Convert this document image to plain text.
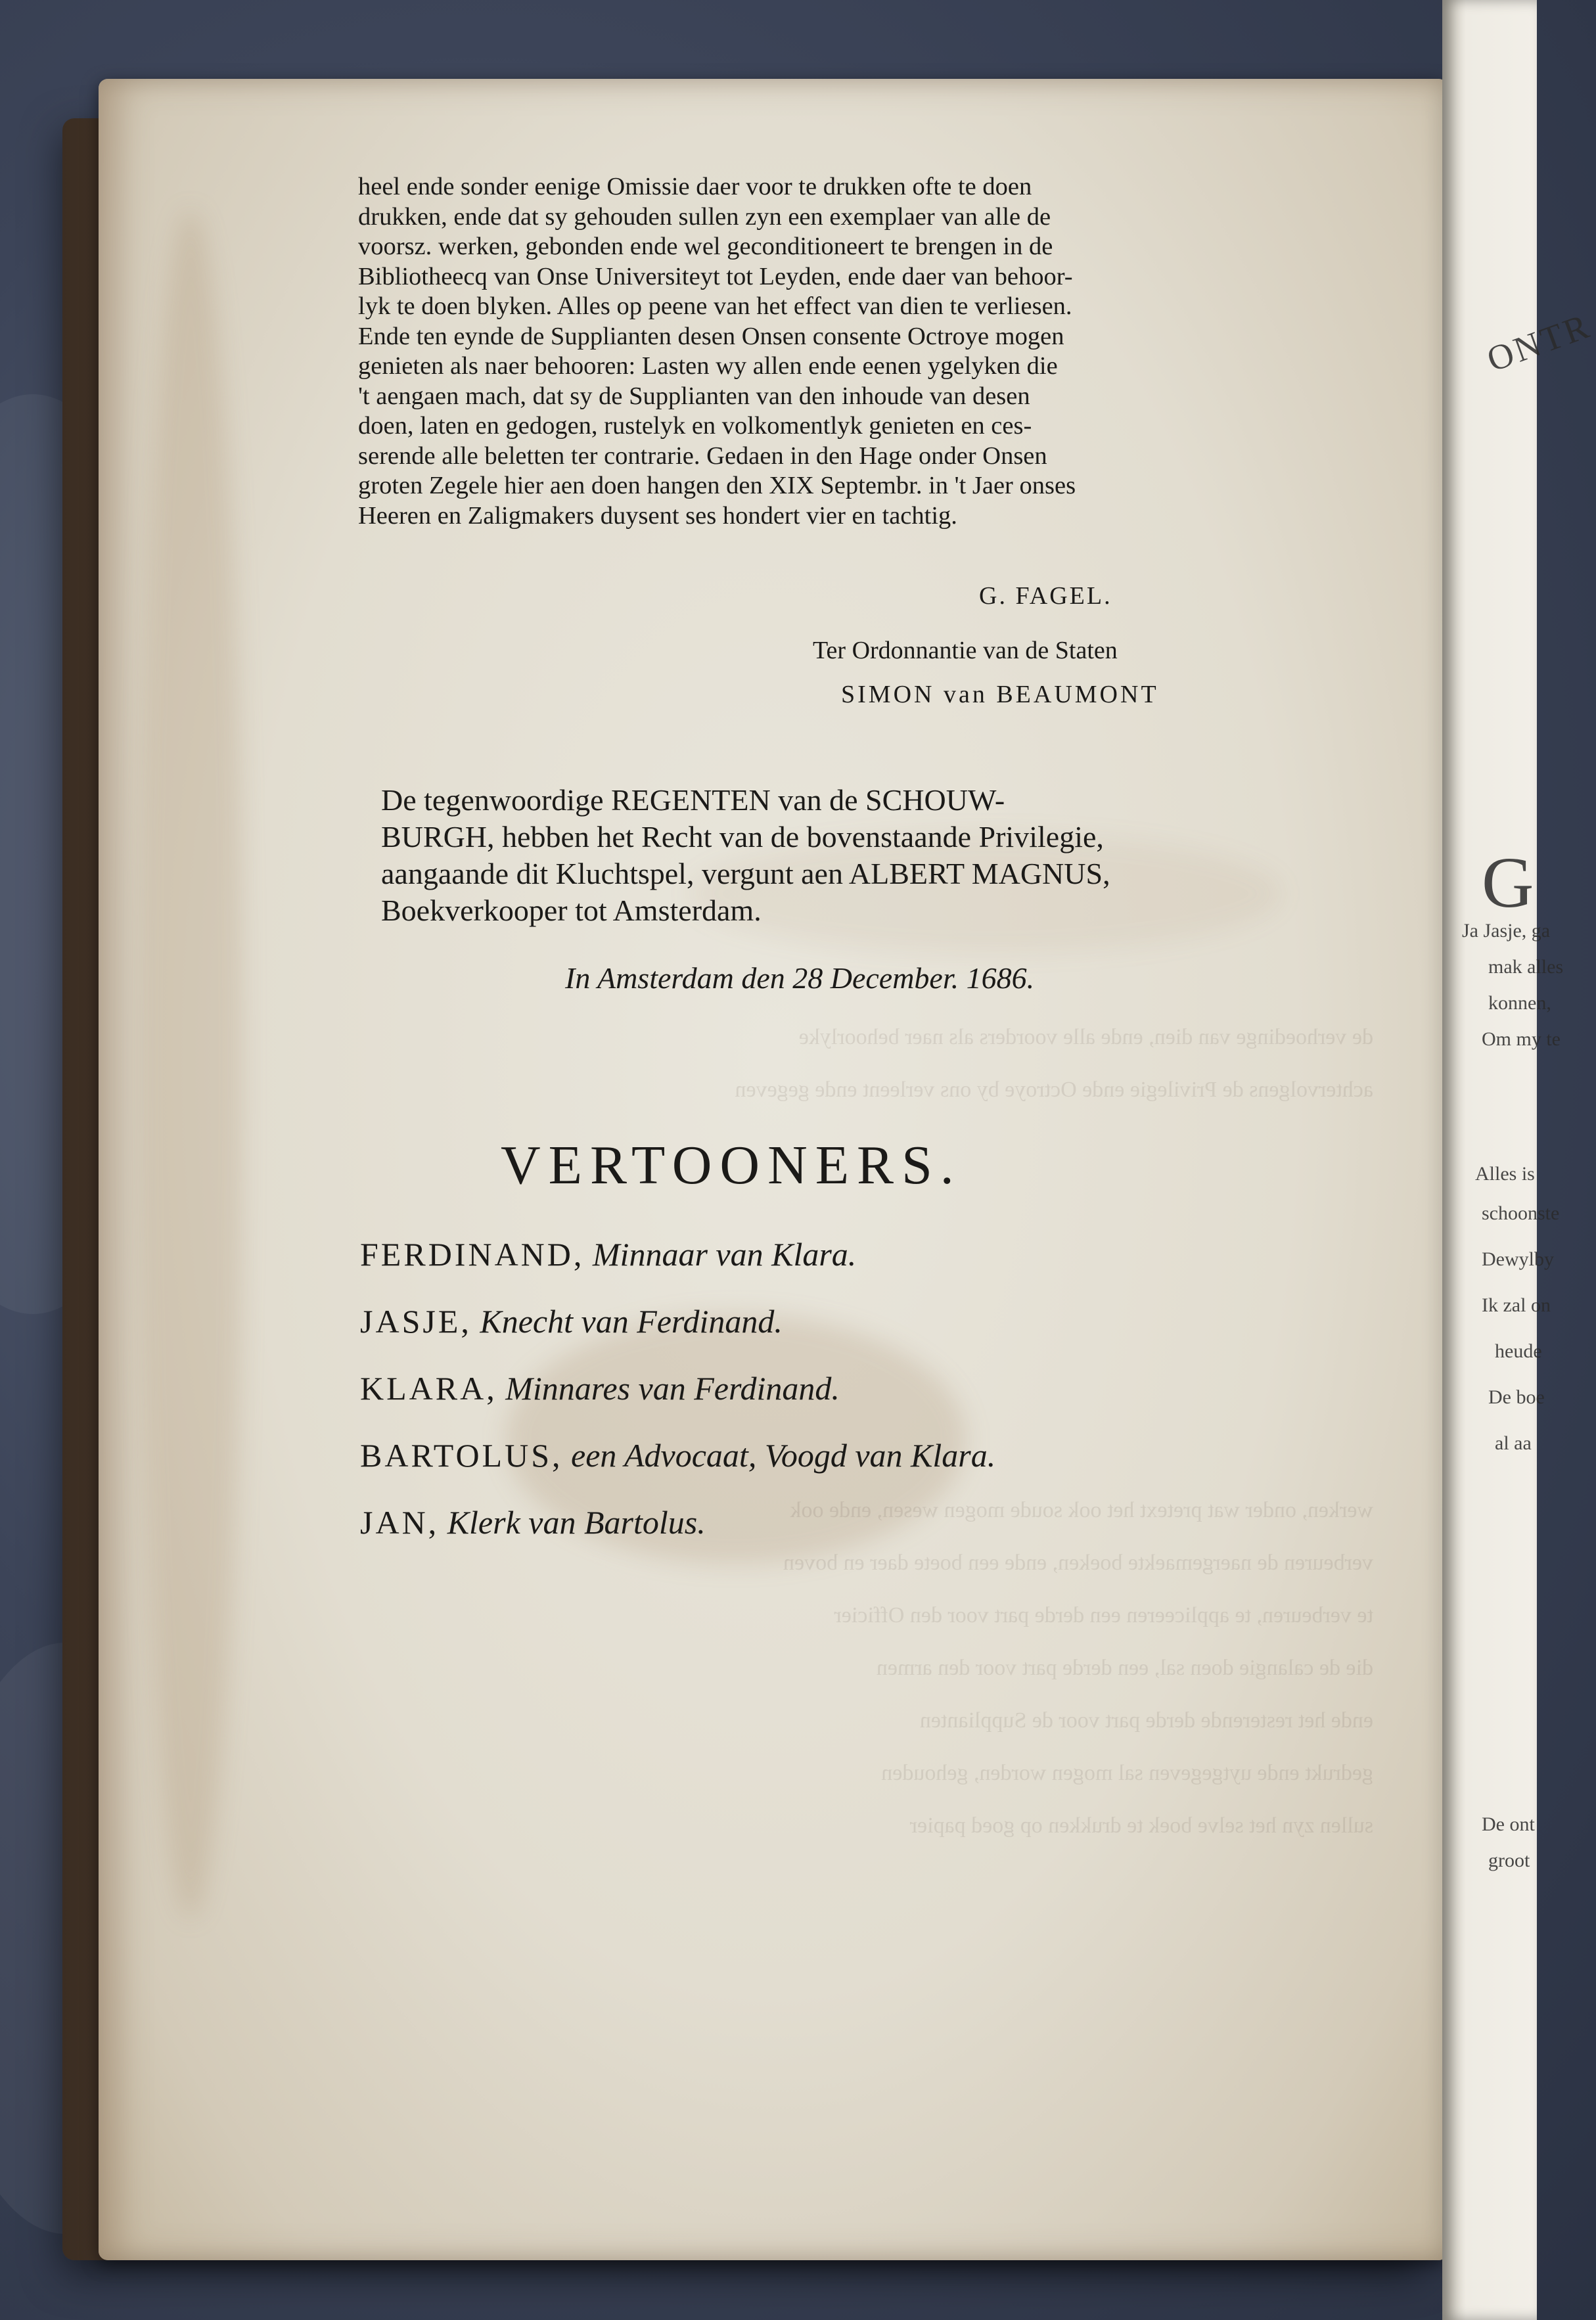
de verhoedinge van dien, ende alle voorders als naer behoorlyke
achtervolgens de Privilegie ende Octroye by ons verleent ende gegeven
werken, onder wat pretext het ook soude mogen wesen, ende ook
verbeuren de naergemaekte boeken, ende een boete daer en boven
te verbeuren, te appliceeren een derde part voor den Officier
die de calangie doen sal, een derde part voor den armen
ende het resterende derde part voor de Supplianten
gedrukt ende uytgegeven sal mogen worden, gehouden
sullen zyn het selve boek te drukken op goed papier
heel ende sonder eenige Omissie daer voor te drukken ofte te doen
drukken, ende dat sy gehouden sullen zyn een exemplaer van alle de
voorsz. werken, gebonden ende wel geconditioneert te brengen in de
Bibliotheecq van Onse Universiteyt tot Leyden, ende daer van behoor-
lyk te doen blyken. Alles op peene van het effect van dien te verliesen.
Ende ten eynde de Supplianten desen Onsen consente Octroye mogen
genieten als naer behooren: Lasten wy allen ende eenen ygelyken die
't aengaen mach, dat sy de Supplianten van den inhoude van desen
doen, laten en gedogen, rustelyk en volkomentlyk genieten en ces-
serende alle beletten ter contrarie. Gedaen in den Hage onder Onsen
groten Zegele hier aen doen hangen den XIX Septembr. in 't Jaer onses
Heeren en Zaligmakers duysent ses hondert vier en tachtig.
G. FAGEL.
Ter Ordonnantie van de Staten
SIMON van BEAUMONT
De tegenwoordige REGENTEN van de SCHOUW-
BURGH, hebben het Recht van de bovenstaande Privilegie,
aangaande dit Kluchtspel, vergunt aen ALBERT MAGNUS,
Boekverkooper tot Amsterdam.
In Amsterdam den 28 December. 1686.
VERTOONERS.
FERDINAND, Minnaar van Klara.
JASJE, Knecht van Ferdinand.
KLARA, Minnares van Ferdinand.
BARTOLUS, een Advocaat, Voogd van Klara.
JAN, Klerk van Bartolus.
ONTR
G
Ja Jasje, ga
mak alles
konnen,
Om my te
Alles is
schoonste
Dewylby
Ik zal on
heude
De boe
al aa
De ont
groot
